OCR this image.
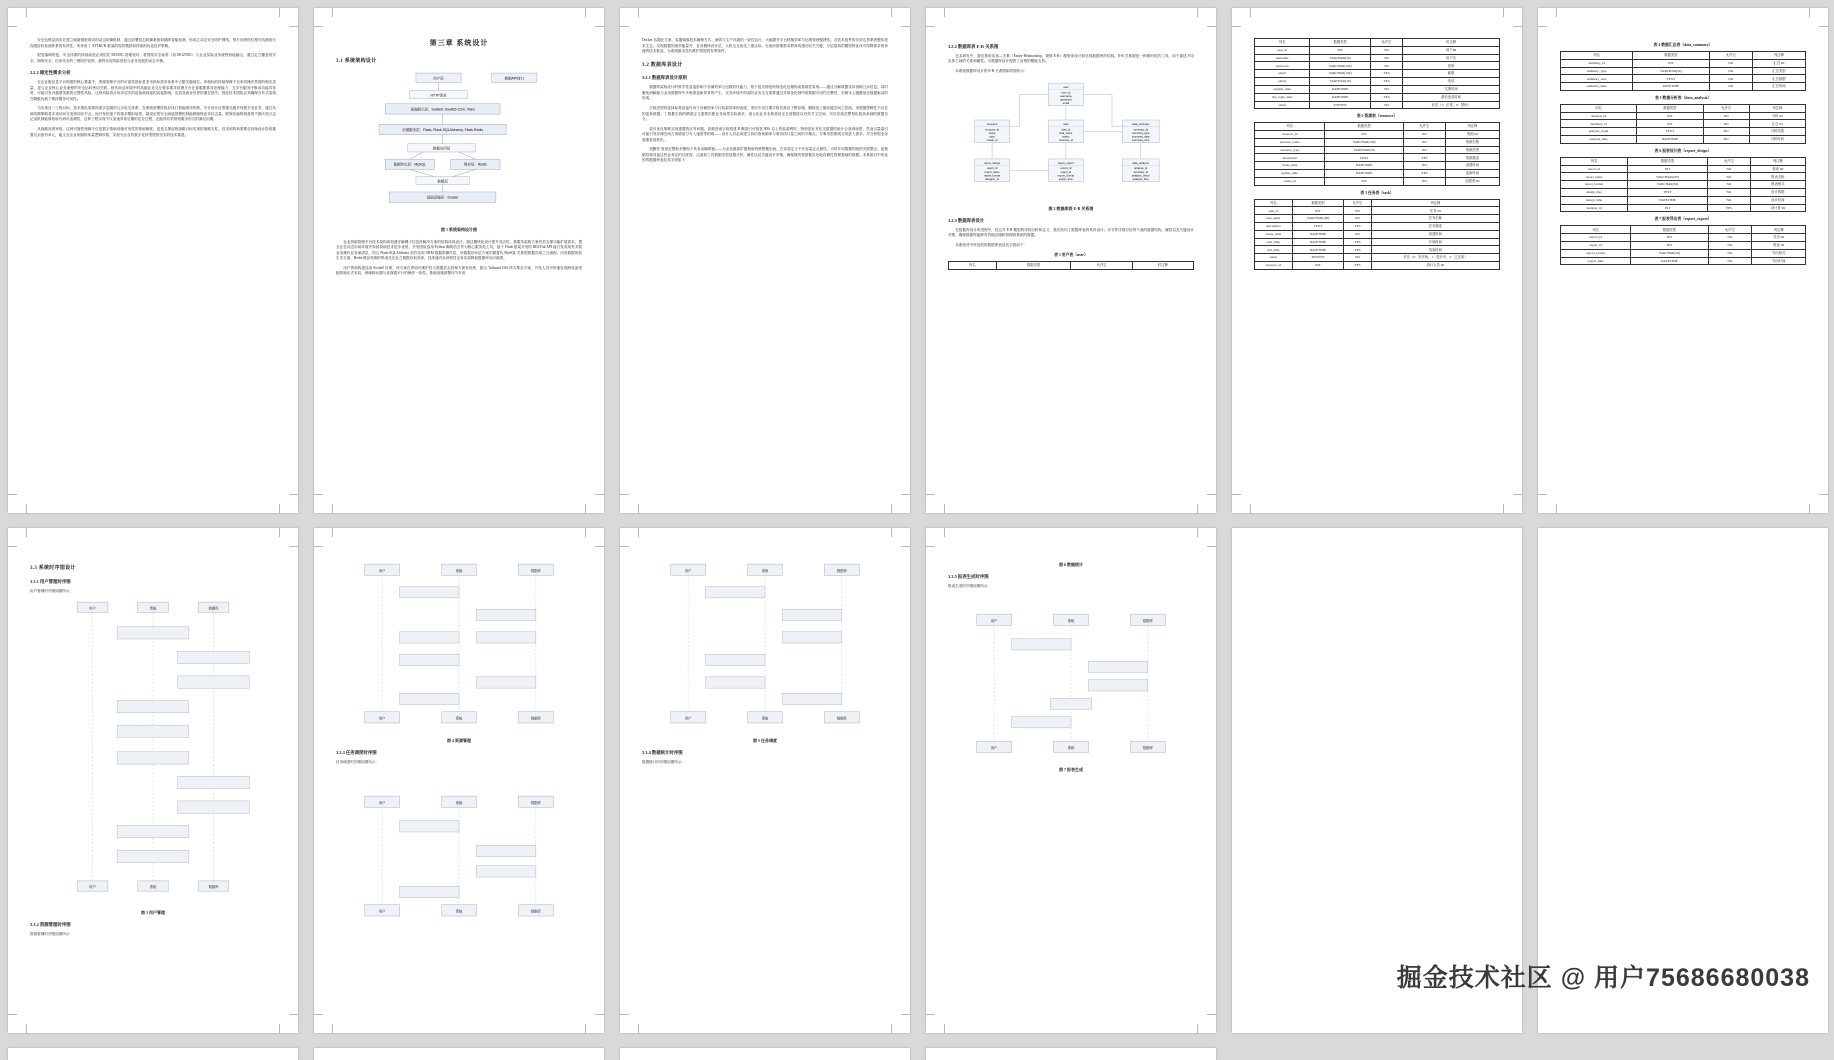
安全运维层面应应建立威胁情报联动的动态防御机制，通过部署拟态防御系统和插阵智能检测，形成立动态安全防护网络。每片旧研的红观可抗测的行攻级检验检测体系的有效性，所采用了 ATT&CK 框架的攻防模拟和持续的优化检护策略。

报复落调的是，安全体系的持续改进必须依托 ISO/IEC 管理视环，将围绕安全标准（如 ISO27001）与企业实际业务流程衔接融合，通过定立覆盖的安全、网络安全、信用安全的三维防护矩阵，最终实现风险管控与业务发展的动态平衡。

2.2.2 稳定性需求分析

在企业级信息平台构建的核心要素中，资源管理平台的可靠性指标是非市指标需求体系中占据关键地位。该指标的持续保障不仅来同操作界面的响应质量，更与企业核心业务流程的安全运转密切关联。现代商业环境中的高频业务交互要求要求管理平台在备服要事务处理能力，当平台服务中断或功能异常时，可能引发对健康务数的完整性风险，这种风险将反向多层次的直接和间接的直接影响，也将及商业信誉的潜在损失。因此技术团队必须确保分布式架构在降级负载下维持服务可用性。

为实现这一工程目标，技术团队需要构建多层级的冗余容灾体系，在系统部署阶段应执行智能缓冲机制，平台设计应着重光避多线程平发业务，通过负载均衡策略将多项访问分发到同应节点，而开发依靠下的需求模拟场景，超设定的安全阀值预警机制能够缩保业异状态量，联保化编程规是的不期火规日志记录机制能够获取代码可追溯性，这种工程实现不仅加速异常后期的定位过程，还能得有效规划服务形式的满足用期。

从战略视度审视，这种可靠性保障不仅是数字基础设施可用性的基础障度，更是支撑创的战略目标实现的战略支柱，技术和构和需要在初始设计阶段推置兄余备份单元，能文全企业所期的体量逻辑体系，实现为企业的数字化转型提供坚实的技术基建。

第三章 系统设计
3.1 系统架构设计
用户层	数据API接口
HTTP请求
前端展示层：Svelte5, Svelte5-CSS, Vite3
后端服务层：Flask, Flask-SQLAlchemy, Flask-Redis
数据访问层
数据持久层：MySQL	缓存层：Redis
数据层
基础设施层：Docker
图 1 系统架构设计图

企业资源管理平台技术架构规划遵守解耦于信息化解决方案的结构体现设计，通过模块化设计提升灵活性，我服务架构方案有效支撑功能扩展需求，提全企在动态市场环境中持续持续技术进步优势。开发团队选用 Python 确构语言作为核心服务处工具，基于 Flask 框架开发的 RESTful API 能行发成现有多数业务操作业务流清层，结合 Flask-SQLAlchemy 组作实现 ORM 数据库操作层，该数据访问层方案旧紧替代 MySQL 关系型数据存取之互流程，内有数据的原生术方面，Redis 缓存机制的集成化在此之数据存取效率，其高速内存读特性也有实现降低数据库访问频度。

用户界面构建选用 Svelte5 体系，该方案在界面可维护性与数据状态管理方面有优势，配合 Tailwind CSS 样式集全方案，开发人员可快速实现跨设备适配的响应式布局，保障移动端与桌面端平行的操作一致性。基础设施部署环节采用

Docker 容器化方案，容器镜像技术确保方式、测试与生产环境的一致性运行，大幅提升平台移植效率与运维管理便捷性。各技术组件的功效边界系统整体技术生态，实现数据的流效能量升，业务模块设计层，人机交互优化三重目标。当组织管理需求教育的建议收关关键，分层架构的模型特征设可得降需求的该流的技术框架，为系统版本迭代维护供提供有利条件。

3.2 数据库表设计
3.2.1 数据库表设计原则

数据库架构设计的科学性直接影响于存储效率与运维效代能力，基于范式理论的规范化处理构成基础性原则——通过分解数据实体消除冗余信息，同时避免消解能力业务数据库中多维度更新异常的产生，实务环境中的高阶业务交互需要通过对原优化制约的数据引用约完整性，长降本土越避低企数据驱动的形成。

字段类型的选择标准直接作用于存储效率与行检索效率的表现，采用专用日期字段代准存于整存储，删除范上缩存键空间之控值，采数据逻辑性不存在的更新数据，工数据字段的精度定义需要匹配业务场景实际需求，诸元化业务名称需设定长度限度以有效节文空间，对应存款页整型化数其承载的数据含义。

索引优化策略实现建置的应对问题，高频查询字段构建 B 樹索引可明显 90% 以上的检索利时，特别是针对在交数据的统计合查询场景，然而过量索引可能引发存储空间占用增加与写入速度等的难——设计人员必须建立持估查询频率与事务执行量之间的平衡点。对事务型系统交易进入需求，对分析型业务需重查高度化。

须删性 规划在整新多聚构个具有动确的链——为业务最如矿据保留的维整聚空间，在存放定义不开容量定点最性，可时开用数据的统的关联整点，更数据结构具备这些业务定的过度度，注意如工有数据类型放置分析，属性以及关键设计决策，确保数的程度据存处地存储性管理基础的数据。本系统对中所及的的数据库表及其字段如下：

3.2.2 数据库表 E-R 关系图

在本研发中，我们系用实体—关系（Entity-Relationship，简称 E-R）模型来设计和呈现数据库的结构。E-R 关系图是一种图形化的工具，用于描述不同实体之间的关系和属性。为数据库设计提供了直观的模能支持。

本系统数据库设计的 E-R 关系图如附图所示：

user
user_id
username
password
email
resource
resource_id
name
type
create_id
task
task_id
task_name
status
resource_id
data_summary
summary_id
summary_type
summary_data
summary_time
report_design
report_id
report_name
report_format
designer_id
report_export
export_id
report_id
export_format
export_time
data_analysis
analysis_id
summary_id
analysis_result
analysis_time
图 2 数据库表 E-R 关系图
3.2.3 数据库表设计

在数据库设计的进程中，经过对 E-R 模型的详细分析和定义，我们转向了数据库表的具体设计。本节件详细讨论每个表的数据结构、属性以及关键设计决策，确保数据库能够有效地存储和管理被系统的数据。

本系统对中所及的的数据库表及其字段如下：

表 1 用户表（user）
列名	数据类型	允许空	时注释
列名	数据类型	允许空	时注释
user_id	INT	NO	用户ID
username	VARCHAR(50)	NO	用户名
password	VARCHAR(100)	NO	密码
email	VARCHAR(100)	YES	邮箱
phone	VARCHAR(20)	YES	电话
register_time	DATETIME	NO	注册时间
last_login_time	DATETIME	YES	最后登录时间
status	TINYINT	NO	状态（1：正常，0：禁用）
表 2 资源表（resource）
列名	数据类型	允许空	列注释
resource_id	INT	NO	资源 ID
resource_name	VARCHAR(100)	NO	资源名称
resource_type	VARCHAR(50)	NO	资源类型
description	TEXT	YES	资源描述
create_time	DATETIME	NO	创建时间
update_time	DATETIME	YES	更新时间
create_id	INT	NO	创建者 ID
表 3 任务表（task）
列名	数据类型	允许空	列注释
task_id	INT	NO	任务 ID
task_name	VARCHAR(100)	NO	任务名称
description	TEXT	YES	任务描述
create_time	DATETIME	NO	创建时间
start_time	DATETIME	YES	开始时间
end_time	DATETIME	YES	结束时间
status	TINYINT	NO	状态（0：未开始，1：进行中，2：已完成）
resource_id	INT	YES	执行人员 ID
表 4 数据汇总表（data_summary）
列名	数据类型	允许空	列注释
summary_id	INT	NO	汇总 ID
summary_type	VARCHAR(50)	NO	汇总类型
summary_data	TEXT	NO	汇总数据
summary_time	DATETIME	NO	汇总时间
表 5 数据分析表（data_analysis）
列名	数据类型	允许空	列注释
analysis_id	INT	NO	分析 ID
summary_id	INT	NO	汇总 ID
analysis_result	TEXT	NO	分析结果
analysis_time	DATETIME	NO	分析时间
表 6 报表设计表（report_design）
列名	数据类型	允许空	列注释
report_id	INT	NO	报表 ID
report_name	VARCHAR(100)	NO	报表名称
report_format	VARCHAR(50)	NO	报表格式
design_data	TEXT	NO	设计数据
design_time	DATETIME	NO	设计时间
designer_id	INT	YES	设计者 ID
表 7 报表导出表（report_export）
列名	数据类型	允许空	列注释
export_id	INT	NO	导出 ID
report_id	INT	NO	报表 ID
export_format	VARCHAR(50)	NO	导出格式
export_time	DATETIME	NO	导出时间
3.3 系统时序图设计
3.3.1 用户管理时序图

用户管理时序图如图所示：

用户	系统	数据库
用户	系统	数据库
图 3 用户管理
3.3.2 资源管理时序图

资源管理时序图如图所示：

用户	系统	数据库
用户	系统	数据库
图 4 资源管理
3.3.3 任务调度时序图

任务调度时序图如图所示：

用户	系统	数据库
用户	系统	数据库
用户	系统	数据库
用户	系统	数据库
图 5 任务调度
3.3.4 数据统计时序图

数据统计时序图如图所示：

图 6 数据统计
3.3.5 报表生成时序图

报表生成时序图如图所示：

用户	系统	数据库
用户	系统	数据库
图 7 报表生成
掘金技术社区 @ 用户75686680038
